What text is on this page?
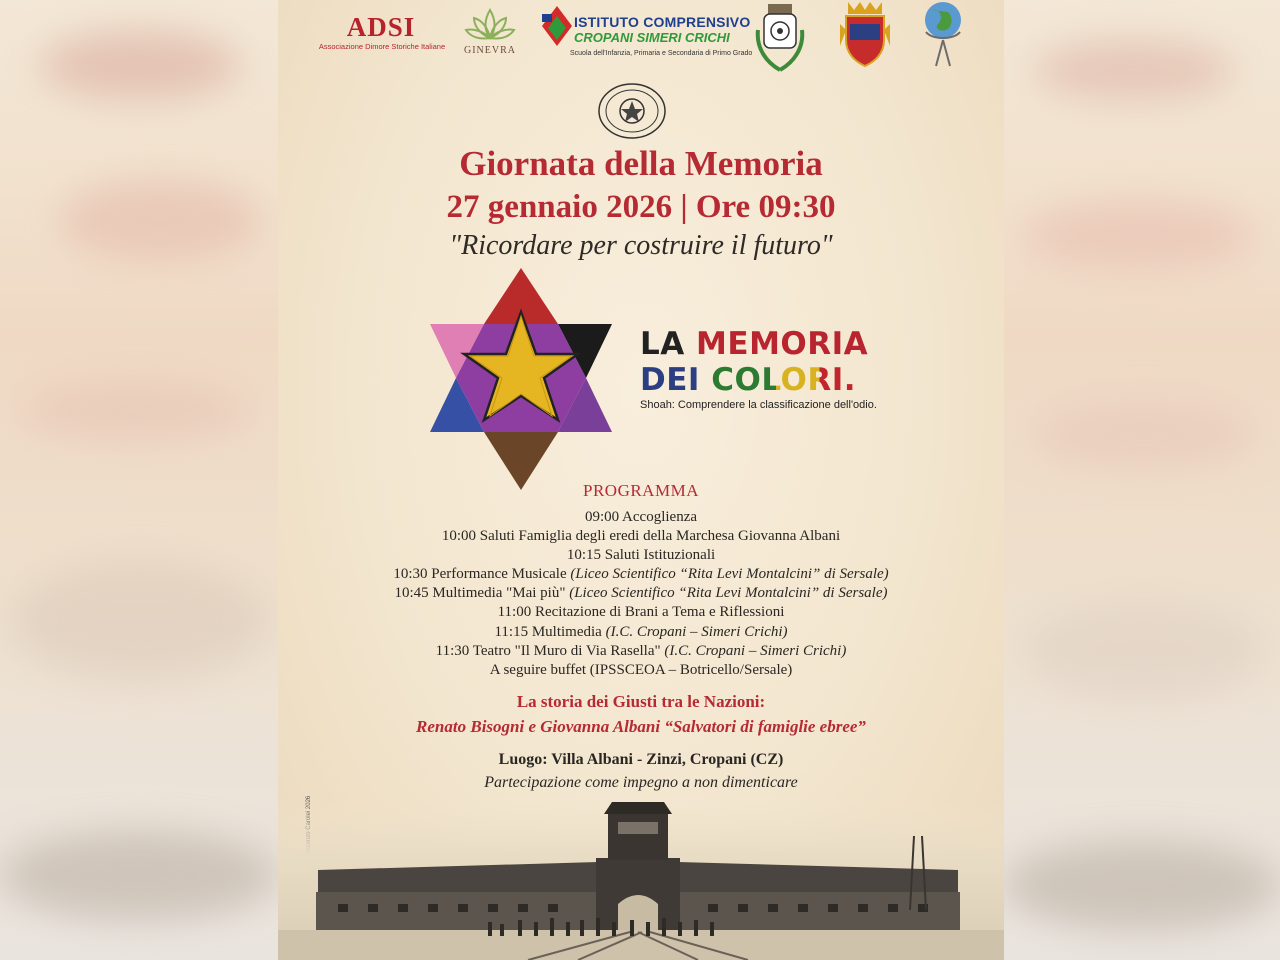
ADSI
Associazione Dimore Storiche Italiane	GINEVRA
ISTITUTO COMPRENSIVO
CROPANI SIMERI CRICHI
Scuola dell'Infanzia, Primaria e Secondaria di Primo Grado
Giornata della Memoria
27 gennaio 2026 | Ore 09:30
"Ricordare per costruire il futuro"
LA MEMORIA
DEI COLORI.
Shoah: Comprendere la classificazione dell'odio.
PROGRAMMA
09:00 Accoglienza
10:00 Saluti Famiglia degli eredi della Marchesa Giovanna Albani
10:15 Saluti Istituzionali
10:30 Performance Musicale (Liceo Scientifico “Rita Levi Montalcini” di Sersale)
10:45 Multimedia "Mai più" (Liceo Scientifico “Rita Levi Montalcini” di Sersale)
11:00 Recitazione di Brani a Tema e Riflessioni
11:15 Multimedia (I.C. Cropani – Simeri Crichi)
11:30 Teatro "Il Muro di Via Rasella" (I.C. Cropani – Simeri Crichi)
A seguire buffet (IPSSCEOA – Botricello/Sersale)
La storia dei Giusti tra le Nazioni:
Renato Bisogni e Giovanna Albani “Salvatori di famiglie ebree”
Luogo: Villa Albani - Zinzi, Cropani (CZ)
Partecipazione come impegno a non dimenticare
